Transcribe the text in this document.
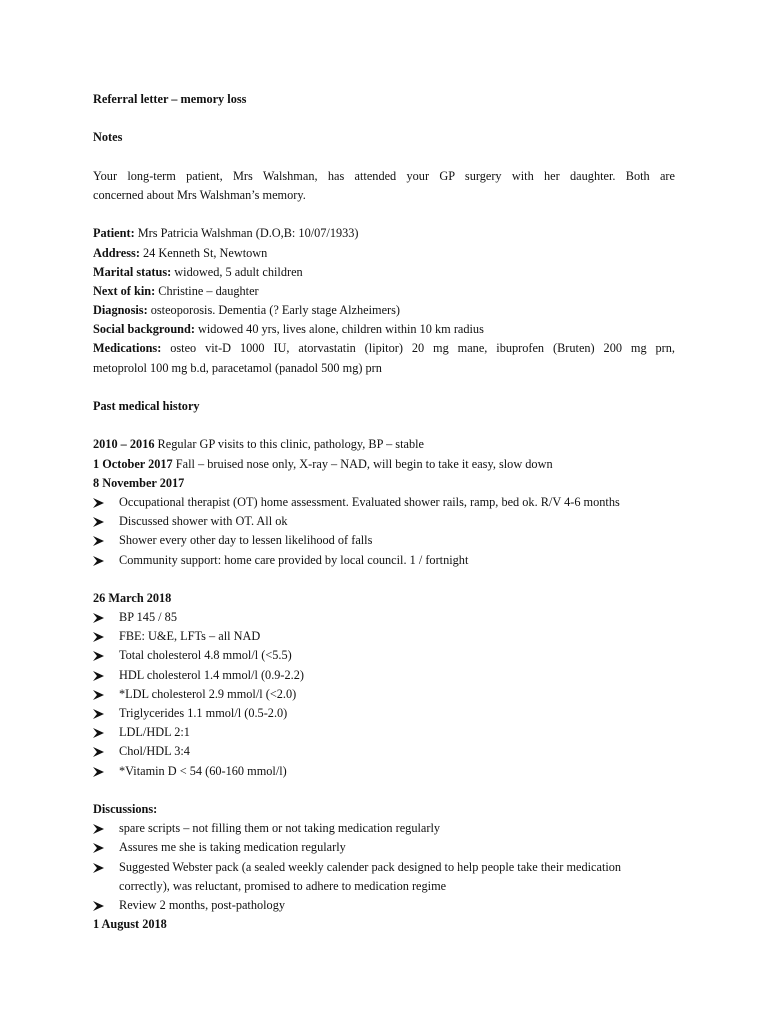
Referral letter – memory loss
Notes
Your long-term patient, Mrs Walshman, has attended your GP surgery with her daughter. Both are
concerned about Mrs Walshman’s memory.
Patient: Mrs Patricia Walshman (D.O,B: 10/07/1933)
Address: 24 Kenneth St, Newtown
Marital status: widowed, 5 adult children
Next of kin: Christine – daughter
Diagnosis: osteoporosis. Dementia (? Early stage Alzheimers)
Social background: widowed 40 yrs, lives alone, children within 10 km radius
Medications: osteo vit-D 1000 IU, atorvastatin (lipitor) 20 mg mane, ibuprofen (Bruten) 200 mg prn,
metoprolol 100 mg b.d, paracetamol (panadol 500 mg) prn
Past medical history
2010 – 2016 Regular GP visits to this clinic, pathology, BP – stable
1 October 2017 Fall – bruised nose only, X-ray – NAD, will begin to take it easy, slow down
8 November 2017
Occupational therapist (OT) home assessment. Evaluated shower rails, ramp, bed ok. R/V 4-6 months
Discussed shower with OT. All ok
Shower every other day to lessen likelihood of falls
Community support: home care provided by local council. 1 / fortnight
26 March 2018
BP 145 / 85
FBE: U&E, LFTs – all NAD
Total cholesterol 4.8 mmol/l (<5.5)
HDL cholesterol 1.4 mmol/l (0.9-2.2)
*LDL cholesterol 2.9 mmol/l (<2.0)
Triglycerides 1.1 mmol/l (0.5-2.0)
LDL/HDL 2:1
Chol/HDL 3:4
*Vitamin D < 54 (60-160 mmol/l)
Discussions:
spare scripts – not filling them or not taking medication regularly
Assures me she is taking medication regularly
Suggested Webster pack (a sealed weekly calender pack designed to help people take their medication
correctly), was reluctant, promised to adhere to medication regime
Review 2 months, post-pathology
1 August 2018
